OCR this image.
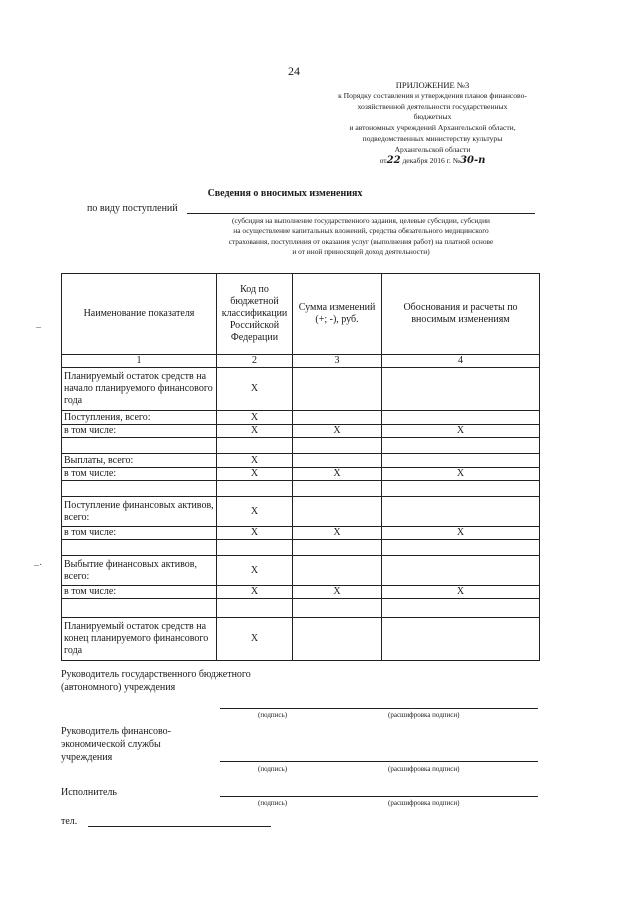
24
ПРИЛОЖЕНИЕ №3
к Порядку составления и утверждения планов финансово-
хозяйственной деятельности государственных
бюджетных
и автономных учреждений Архангельской области,
подведомственных министерству культуры
Архангельской области
от22 декабря 2016 г. №30-п
Сведения о вносимых изменениях
по виду поступлений
(субсидия на выполнение государственного задания, целевые субсидии, субсидии
на осуществление капитальных вложений, средства обязательного медицинского
страхования, поступления от оказания услуг (выполнения работ) на платной основе
и от иной приносящей доход деятельности)
–
–·
Наименование показателя	Код по бюджетной классификации Российской Федерации	Сумма изменений (+; -), руб.	Обоснования и расчеты по вносимым изменениям
1	2	3	4
Планируемый остаток средств на начало планируемого финансового года	Х		
Поступления, всего:	Х		
в том числе:	Х	Х	Х

Выплаты, всего:	Х		
в том числе:	Х	Х	Х

Поступление финансовых активов, всего:	Х		
в том числе:	Х	Х	Х

Выбытие финансовых активов, всего:	Х		
в том числе:	Х	Х	Х

Планируемый остаток средств на конец планируемого финансового года	Х		
Руководитель государственного бюджетного (автономного) учреждения
(подпись)	(расшифровка подписи)
Руководитель финансово-экономической службы учреждения
(подпись)	(расшифровка подписи)
Исполнитель
(подпись)	(расшифровка подписи)
тел.
